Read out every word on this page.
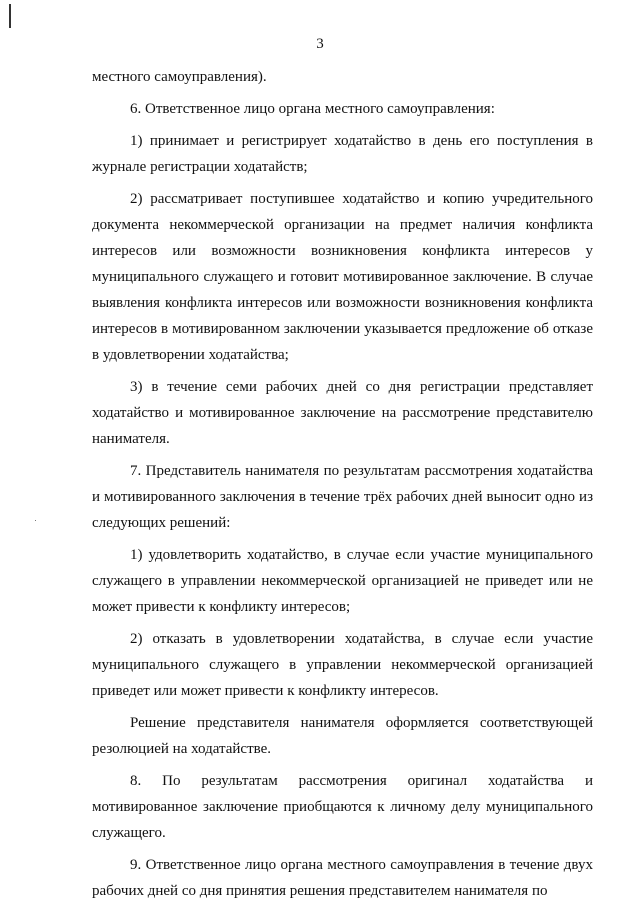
3

местного самоуправления).

6. Ответственное лицо органа местного самоуправления:

1) принимает и регистрирует ходатайство в день его поступления в журнале регистрации ходатайств;

2) рассматривает поступившее ходатайство и копию учредительного документа некоммерческой организации на предмет наличия конфликта интересов или возможности возникновения конфликта интересов у муниципального служащего и готовит мотивированное заключение. В случае выявления конфликта интересов или возможности возникновения конфликта интересов в мотивированном заключении указывается предложение об отказе в удовлетворении ходатайства;

3) в течение семи рабочих дней со дня регистрации представляет ходатайство и мотивированное заключение на рассмотрение представителю нанимателя.

7. Представитель нанимателя по результатам рассмотрения ходатайства и мотивированного заключения в течение трёх рабочих дней выносит одно из следующих решений:

1) удовлетворить ходатайство, в случае если участие муниципального служащего в управлении некоммерческой организацией не приведет или не может привести к конфликту интересов;

2) отказать в удовлетворении ходатайства, в случае если участие муниципального служащего в управлении некоммерческой организацией приведет или может привести к конфликту интересов.

Решение представителя нанимателя оформляется соответствующей резолюцией на ходатайстве.

8. По результатам рассмотрения оригинал ходатайства и мотивированное заключение приобщаются к личному делу муниципального служащего.

9. Ответственное лицо органа местного самоуправления в течение двух рабочих дней со дня принятия решения представителем нанимателя по
